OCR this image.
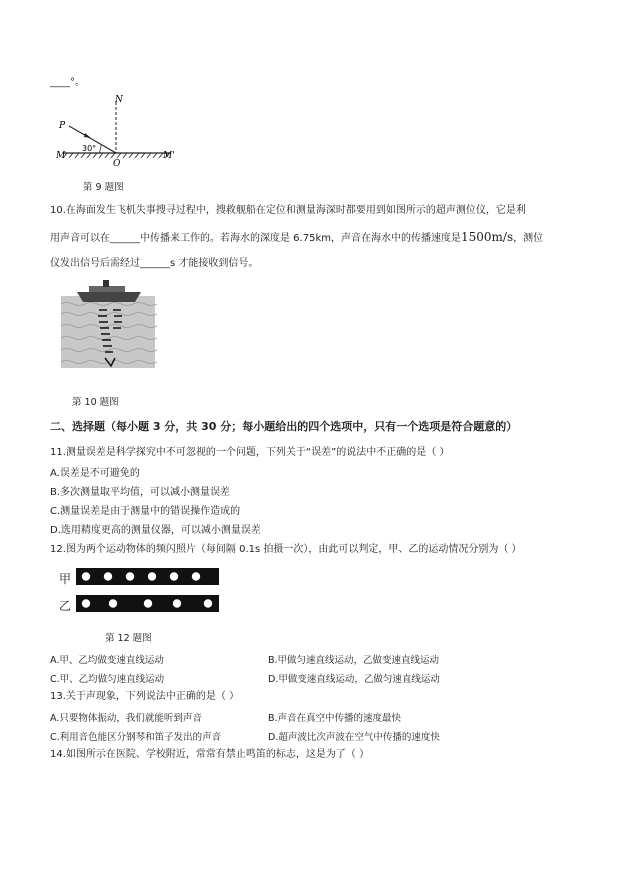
____°。
N
P
M	M'
O
30°
第 9 题图
10.在海面发生飞机失事搜寻过程中，搜救舰船在定位和测量海深时都要用到如图所示的超声测位仪，它是利
用声音可以在______中传播来工作的。若海水的深度是 6.75km，声音在海水中的传播速度是1500m/s，测位
仪发出信号后需经过______s 才能接收到信号。
第 10 题图
二、选择题（每小题 3 分，共 30 分；每小题给出的四个选项中，只有一个选项是符合题意的）
11.测量误差是科学探究中不可忽视的一个问题，下列关于“误差”的说法中不正确的是（ ）
A.误差是不可避免的
B.多次测量取平均值，可以减小测量误差
C.测量误差是由于测量中的错误操作造成的
D.选用精度更高的测量仪器，可以减小测量误差
12.图为两个运动物体的频闪照片（每间隔 0.1s 拍摄一次），由此可以判定，甲、乙的运动情况分别为（ ）
甲
乙
第 12 题图
A.甲、乙均做变速直线运动	B.甲做匀速直线运动，乙做变速直线运动
C.甲、乙均做匀速直线运动	D.甲做变速直线运动，乙做匀速直线运动
13.关于声现象，下列说法中正确的是（ ）
A.只要物体振动，我们就能听到声音	B.声音在真空中传播的速度最快
C.利用音色能区分钢琴和笛子发出的声音	D.超声波比次声波在空气中传播的速度快
14.如图所示在医院、学校附近，常常有禁止鸣笛的标志，这是为了（ ）
